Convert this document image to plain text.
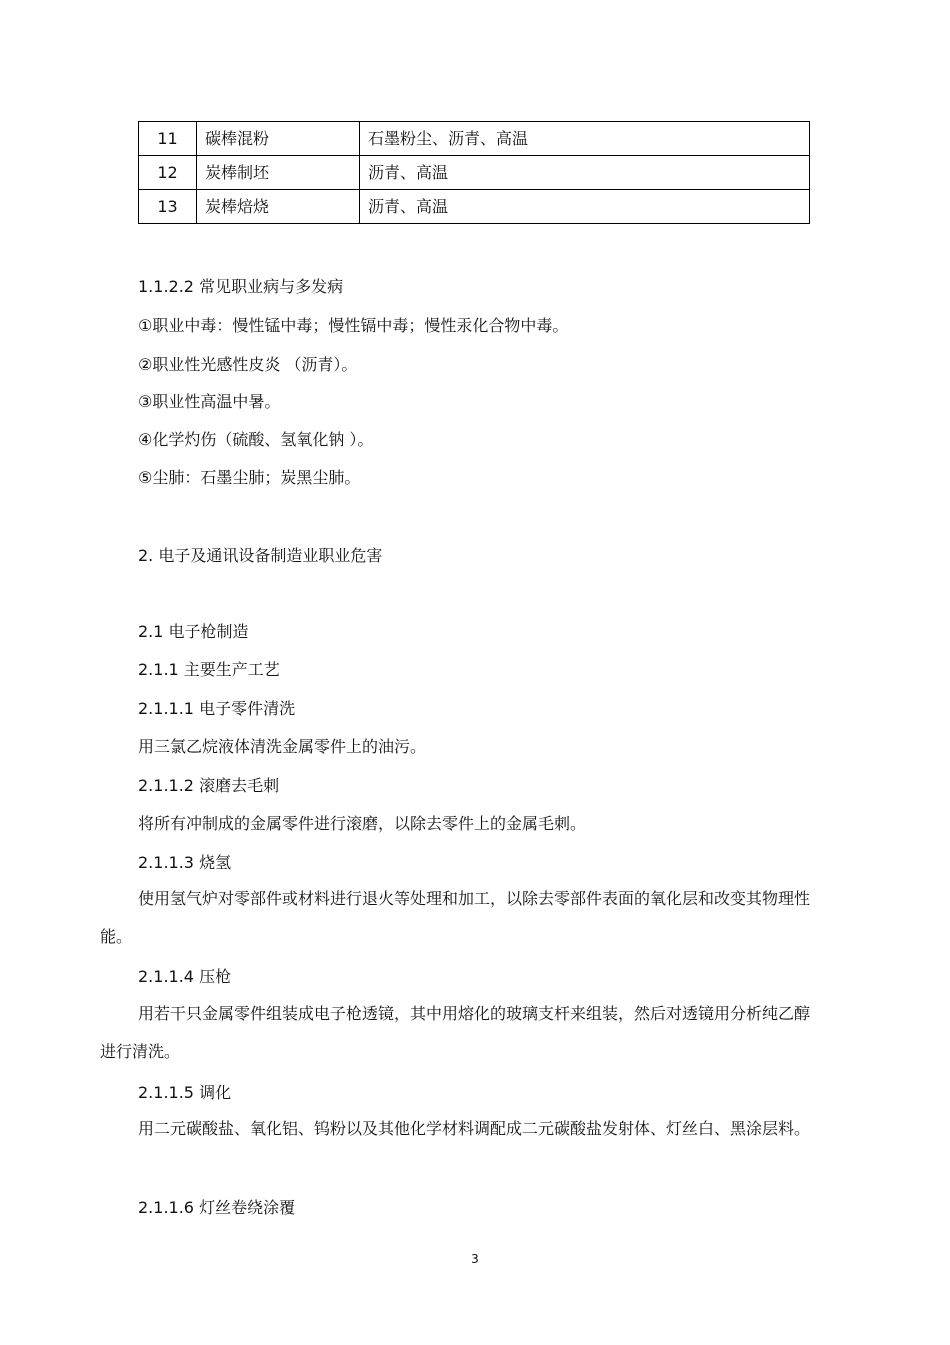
11	碳棒混粉	石墨粉尘、沥青、高温
12	炭棒制坯	沥青、高温
13	炭棒焙烧	沥青、高温
1.1.2.2 常见职业病与多发病
①职业中毒：慢性锰中毒；慢性镉中毒；慢性汞化合物中毒。
②职业性光感性皮炎 （沥青）。
③职业性高温中暑。
④化学灼伤（硫酸、氢氧化钠 ）。
⑤尘肺：石墨尘肺；炭黑尘肺。
2. 电子及通讯设备制造业职业危害
2.1 电子枪制造
2.1.1 主要生产工艺
2.1.1.1 电子零件清洗
用三氯乙烷液体清洗金属零件上的油污。
2.1.1.2 滚磨去毛刺
将所有冲制成的金属零件进行滚磨，以除去零件上的金属毛刺。
2.1.1.3 烧氢
使用氢气炉对零部件或材料进行退火等处理和加工，以除去零部件表面的氧化层和改变其物理性能。
2.1.1.4 压枪
用若干只金属零件组装成电子枪透镜，其中用熔化的玻璃支杆来组装，然后对透镜用分析纯乙醇进行清洗。
2.1.1.5 调化
用二元碳酸盐、氧化铝、钨粉以及其他化学材料调配成二元碳酸盐发射体、灯丝白、黑涂层料。
2.1.1.6 灯丝卷绕涂覆
3
